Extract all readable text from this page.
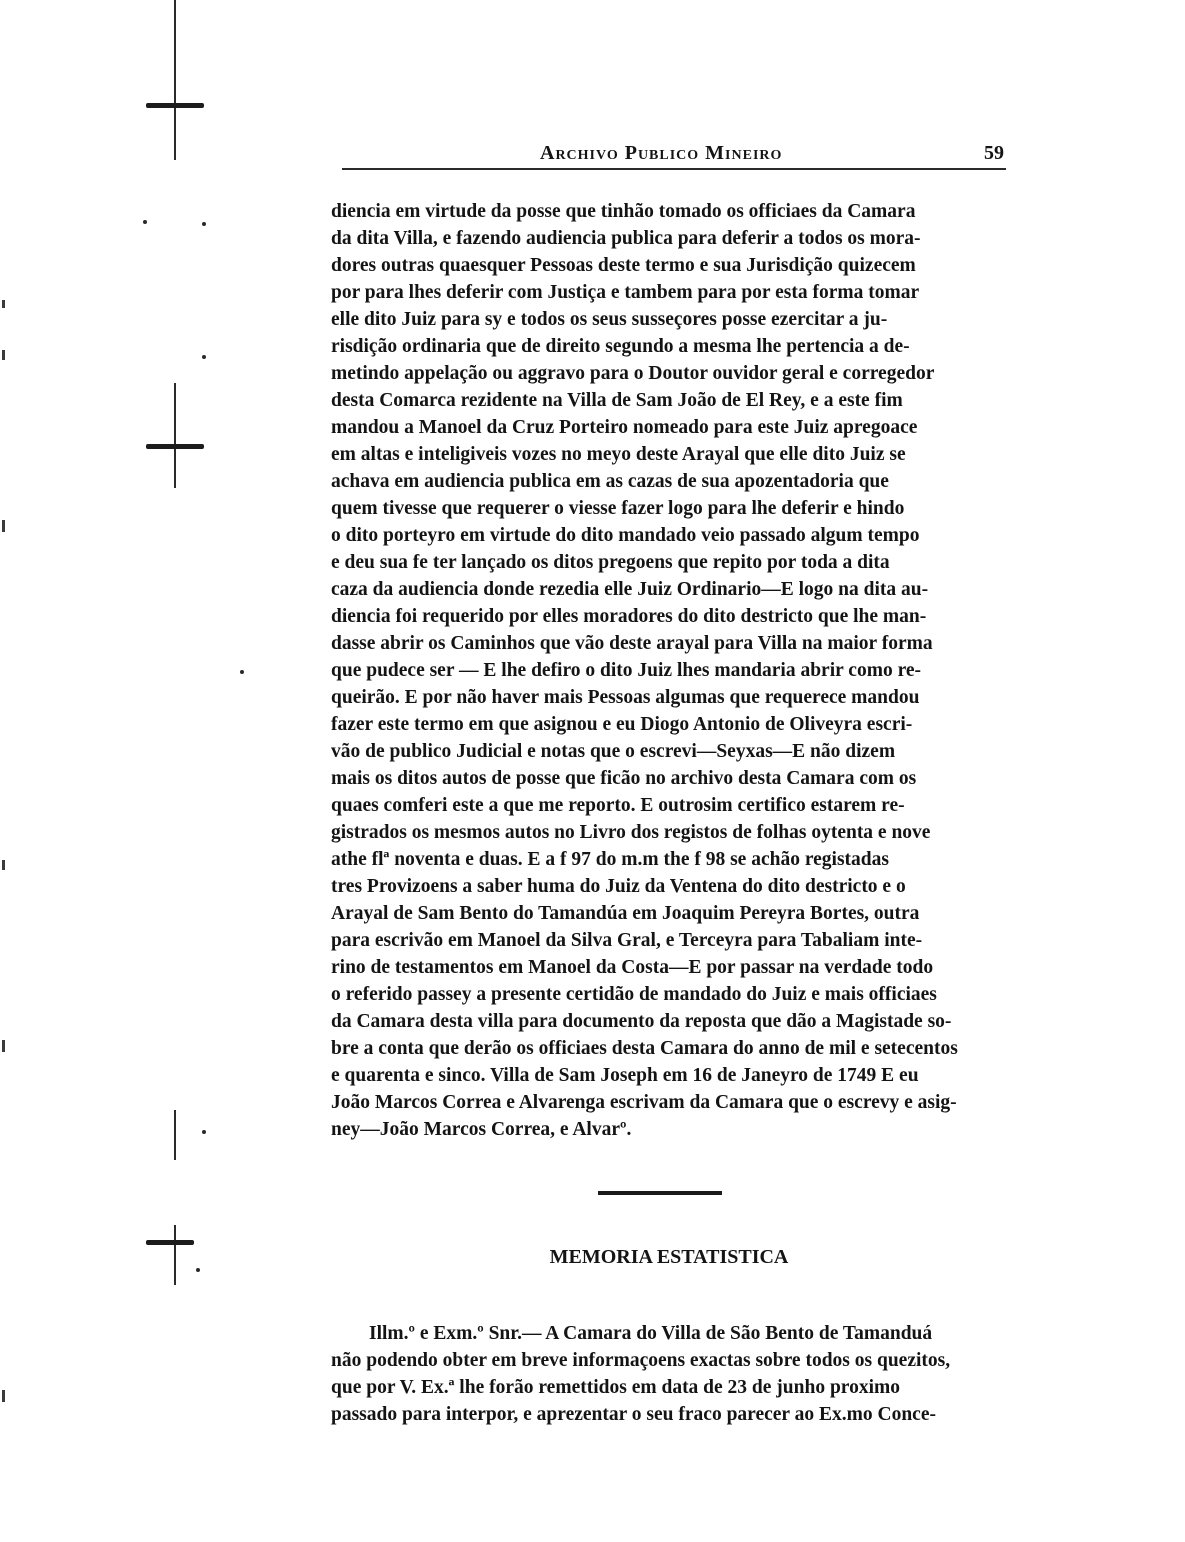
Archivo Publico Mineiro	59
diencia em virtude da posse que tinhão tomado os officiaes da Camara
da dita Villa, e fazendo audiencia publica para deferir a todos os mora-
dores outras quaesquer Pessoas deste termo e sua Jurisdição quizecem
por para lhes deferir com Justiça e tambem para por esta forma tomar
elle dito Juiz para sy e todos os seus susseçores posse ezercitar a ju-
risdição ordinaria que de direito segundo a mesma lhe pertencia a de-
metindo appelação ou aggravo para o Doutor ouvidor geral e corregedor
desta Comarca rezidente na Villa de Sam João de El Rey, e a este fim
mandou a Manoel da Cruz Porteiro nomeado para este Juiz apregoace
em altas e inteligiveis vozes no meyo deste Arayal que elle dito Juiz se
achava em audiencia publica em as cazas de sua apozentadoria que
quem tivesse que requerer o viesse fazer logo para lhe deferir e hindo
o dito porteyro em virtude do dito mandado veio passado algum tempo
e deu sua fe ter lançado os ditos pregoens que repito por toda a dita
caza da audiencia donde rezedia elle Juiz Ordinario—E logo na dita au-
diencia foi requerido por elles moradores do dito destricto que lhe man-
dasse abrir os Caminhos que vão deste arayal para Villa na maior forma
que pudece ser — E lhe defiro o dito Juiz lhes mandaria abrir como re-
queirão. E por não haver mais Pessoas algumas que requerece mandou
fazer este termo em que asignou e eu Diogo Antonio de Oliveyra escri-
vão de publico Judicial e notas que o escrevi—Seyxas—E não dizem
mais os ditos autos de posse que ficão no archivo desta Camara com os
quaes comferi este a que me reporto. E outrosim certifico estarem re-
gistrados os mesmos autos no Livro dos registos de folhas oytenta e nove
athe flª noventa e duas. E a f 97 do m.m the f 98 se achão registadas
tres Provizoens a saber huma do Juiz da Ventena do dito destricto e o
Arayal de Sam Bento do Tamandúa em Joaquim Pereyra Bortes, outra
para escrivão em Manoel da Silva Gral, e Terceyra para Tabaliam inte-
rino de testamentos em Manoel da Costa—E por passar na verdade todo
o referido passey a presente certidão de mandado do Juiz e mais officiaes
da Camara desta villa para documento da reposta que dão a Magistade so-
bre a conta que derão os officiaes desta Camara do anno de mil e setecentos
e quarenta e sinco. Villa de Sam Joseph em 16 de Janeyro de 1749 E eu
João Marcos Correa e Alvarenga escrivam da Camara que o escrevy e asig-
ney—João Marcos Correa, e Alvarº.
MEMORIA ESTATISTICA
Illm.º e Exm.º Snr.— A Camara do Villa de São Bento de Tamanduá
não podendo obter em breve informaçoens exactas sobre todos os quezitos,
que por V. Ex.ª lhe forão remettidos em data de 23 de junho proximo
passado para interpor, e aprezentar o seu fraco parecer ao Ex.mo Conce-
